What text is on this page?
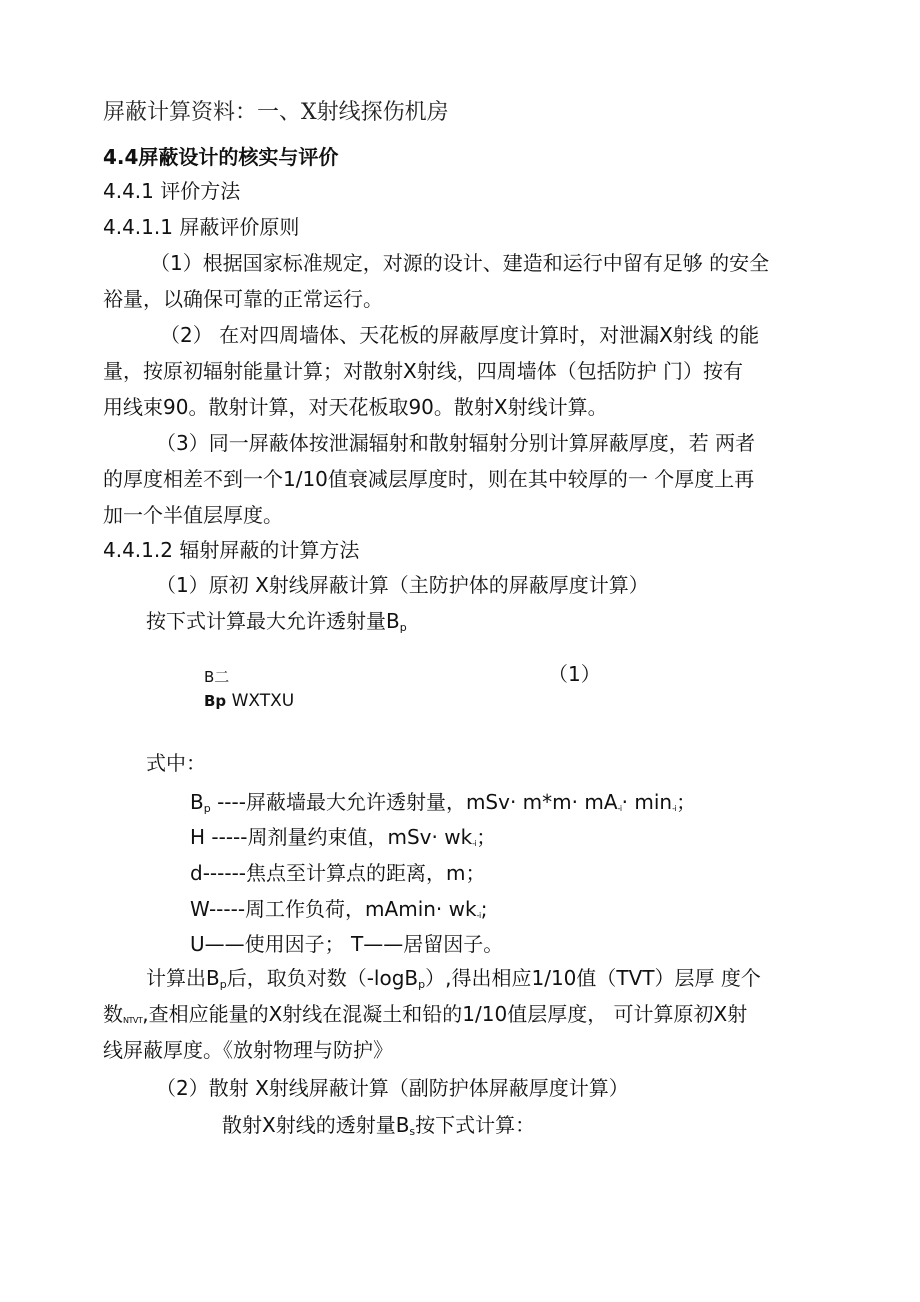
屏蔽计算资料：一、X射线探伤机房
4.4屏蔽设计的核实与评价
4.4.1 评价方法
4.4.1.1 屏蔽评价原则
（1）根据国家标准规定，对源的设计、建造和运行中留有足够 的安全
裕量，以确保可靠的正常运行。
（2） 在对四周墙体、天花板的屏蔽厚度计算时，对泄漏X射线 的能
量，按原初辐射能量计算；对散射X射线，四周墙体（包括防护 门）按有
用线束90。散射计算，对天花板取90。散射X射线计算。
（3）同一屏蔽体按泄漏辐射和散射辐射分别计算屏蔽厚度，若 两者
的厚度相差不到一个1/10值衰减层厚度时，则在其中较厚的一 个厚度上再
加一个半值层厚度。
4.4.1.2 辐射屏蔽的计算方法
（1）原初 X射线屏蔽计算（主防护体的屏蔽厚度计算）
按下式计算最大允许透射量$B_p$
B二
Bp WXTXU
（1）
式中：
$B_p$ ----屏蔽墙最大允许透射量，$mSv\cdot m*m\cdot mA_{-i}\cdot \min_{-i}$；
H -----周剂量约束值，$mSv\cdot wk_{-i}$；
d------焦点至计算点的距离，m；
W-----周工作负荷，$mAmin\cdot wk_{-i}$;
U——使用因子； T——居留因子。
计算出$B_p$后，取负对数（-logB$_p$）,得出相应1/10值（TVT）层厚 度个
数$_{NTVT}$,查相应能量的X射线在混凝土和铅的1/10值层厚度， 可计算原初X射
线屏蔽厚度。《放射物理与防护》
（2）散射 X射线屏蔽计算（副防护体屏蔽厚度计算）
散射X射线的透射量$B_s$按下式计算：
